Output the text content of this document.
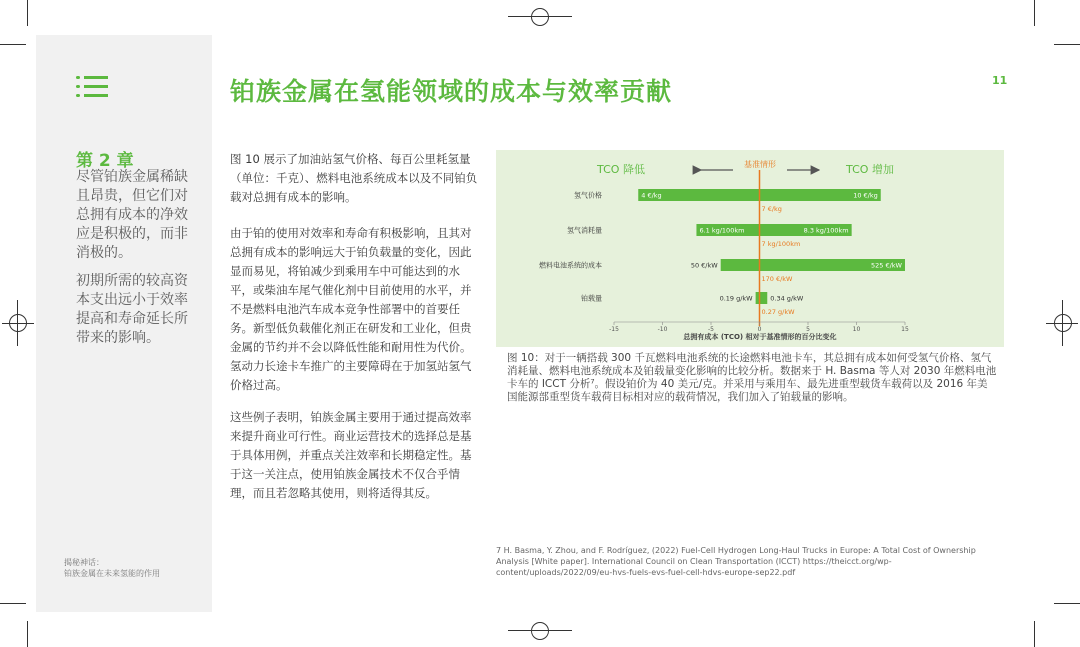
第 2 章
尽管铂族金属稀缺且昂贵，但它们对总拥有成本的净效应是积极的，而非消极的。
初期所需的较高资本支出远小于效率提高和寿命延长所带来的影响。
揭秘神话：
铂族金属在未来氢能的作用
铂族金属在氢能领域的成本与效率贡献	11
图 10 展示了加油站氢气价格、每百公里耗氢量（单位：千克）、燃料电池系统成本以及不同铂负载对总拥有成本的影响。
由于铂的使用对效率和寿命有积极影响，且其对总拥有成本的影响远大于铂负载量的变化，因此显而易见，将铂减少到乘用车中可能达到的水平，或柴油车尾气催化剂中目前使用的水平，并不是燃料电池汽车成本竞争性部署中的首要任务。新型低负载催化剂正在研发和工业化，但贵金属的节约并不会以降低性能和耐用性为代价。氢动力长途卡车推广的主要障碍在于加氢站氢气价格过高。
这些例子表明，铂族金属主要用于通过提高效率来提升商业可行性。商业运营技术的选择总是基于具体用例，并重点关注效率和长期稳定性。基于这一关注点，使用铂族金属技术不仅合乎情理，而且若忽略其使用，则将适得其反。
TCO 降低	TCO 增加
基准情形
氢气价格	4 €/kg	10 €/kg
7 €/kg
氢气消耗量	6.1 kg/100km	8.3 kg/100km
7 kg/100km
燃料电池系统的成本	50 €/kW	525 €/kW
170 €/kW
铂载量	0.19 g/kW	0.34 g/kW
0.27 g/kW
-15	-10	-5	0	5	10	15
总拥有成本 (TCO) 相对于基准情形的百分比变化
图 10：对于一辆搭载 300 千瓦燃料电池系统的长途燃料电池卡车，其总拥有成本如何受氢气价格、氢气消耗量、燃料电池系统成本及铂载量变化影响的比较分析。数据来于 H. Basma 等人对 2030 年燃料电池卡车的 ICCT 分析⁷。假设铂价为 40 美元/克。并采用与乘用车、最先进重型载货车载荷以及 2016 年美国能源部重型货车载荷目标相对应的载荷情况，我们加入了铂载量的影响。
7 H. Basma, Y. Zhou, and F. Rodríguez, (2022) Fuel-Cell Hydrogen Long-Haul Trucks in Europe: A Total Cost of Ownership Analysis [White paper]. International Council on Clean Transportation (ICCT) https://theicct.org/wp-content/uploads/2022/09/eu-hvs-fuels-evs-fuel-cell-hdvs-europe-sep22.pdf
